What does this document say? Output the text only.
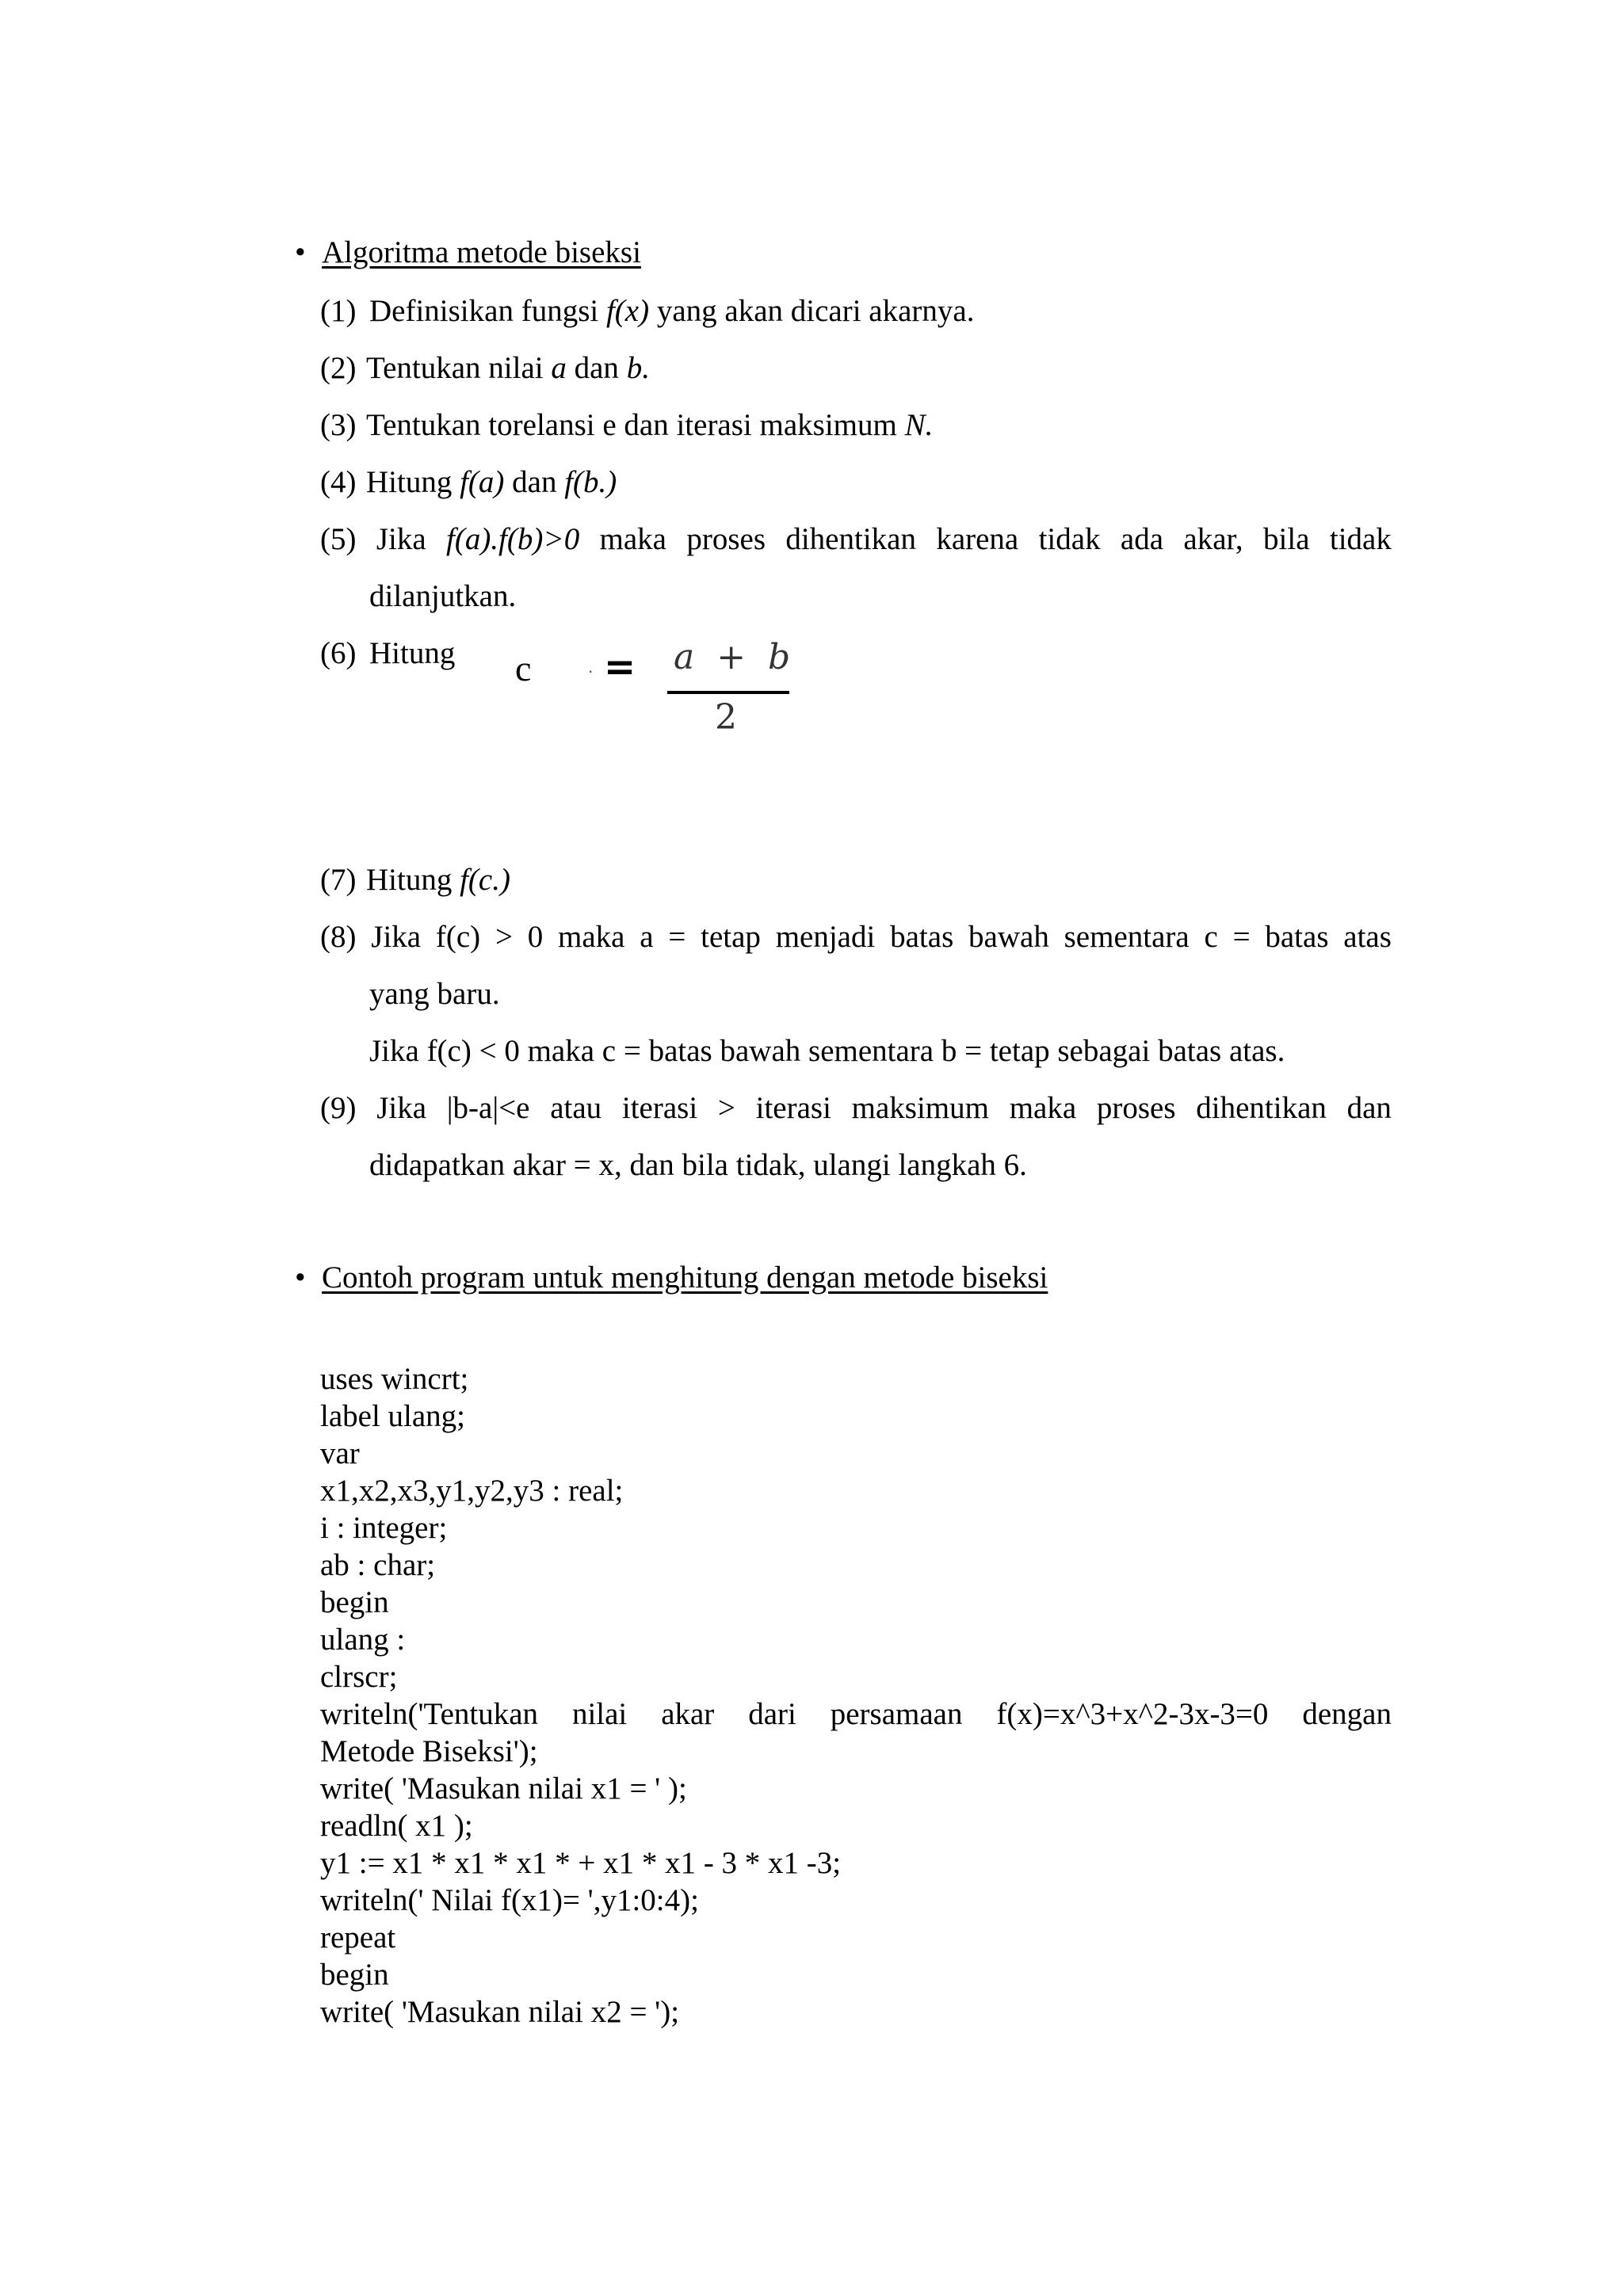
• Algoritma metode biseksi
(1) Definisikan fungsi f(x) yang akan dicari akarnya.
(2) Tentukan nilai a dan b.
(3) Tentukan torelansi e dan iterasi maksimum N.
(4) Hitung f(a) dan f(b.)
(5) Jika f(a).f(b)>0 maka proses dihentikan karena tidak ada akar, bila tidak
dilanjutkan.
(6) Hitung	c	· = a  +  b
2
(7) Hitung f(c.)
(8) Jika f(c) > 0 maka a = tetap menjadi batas bawah sementara c = batas atas
yang baru.
Jika f(c) < 0 maka c = batas bawah sementara b = tetap sebagai batas atas.
(9) Jika |b-a|<e atau iterasi > iterasi maksimum maka proses dihentikan dan
didapatkan akar = x, dan bila tidak, ulangi langkah 6.
• Contoh program untuk menghitung dengan metode biseksi
uses wincrt;
label ulang;
var
x1,x2,x3,y1,y2,y3 : real;
i : integer;
ab : char;
begin
ulang :
clrscr;
writeln('Tentukan nilai akar dari persamaan f(x)=x^3+x^2-3x-3=0 dengan
Metode Biseksi');
write( 'Masukan nilai x1 = ' );
readln( x1 );
y1 := x1 * x1 * x1 * + x1 * x1 - 3 * x1 -3;
writeln(' Nilai f(x1)= ',y1:0:4);
repeat
begin
write( 'Masukan nilai x2 = ');
